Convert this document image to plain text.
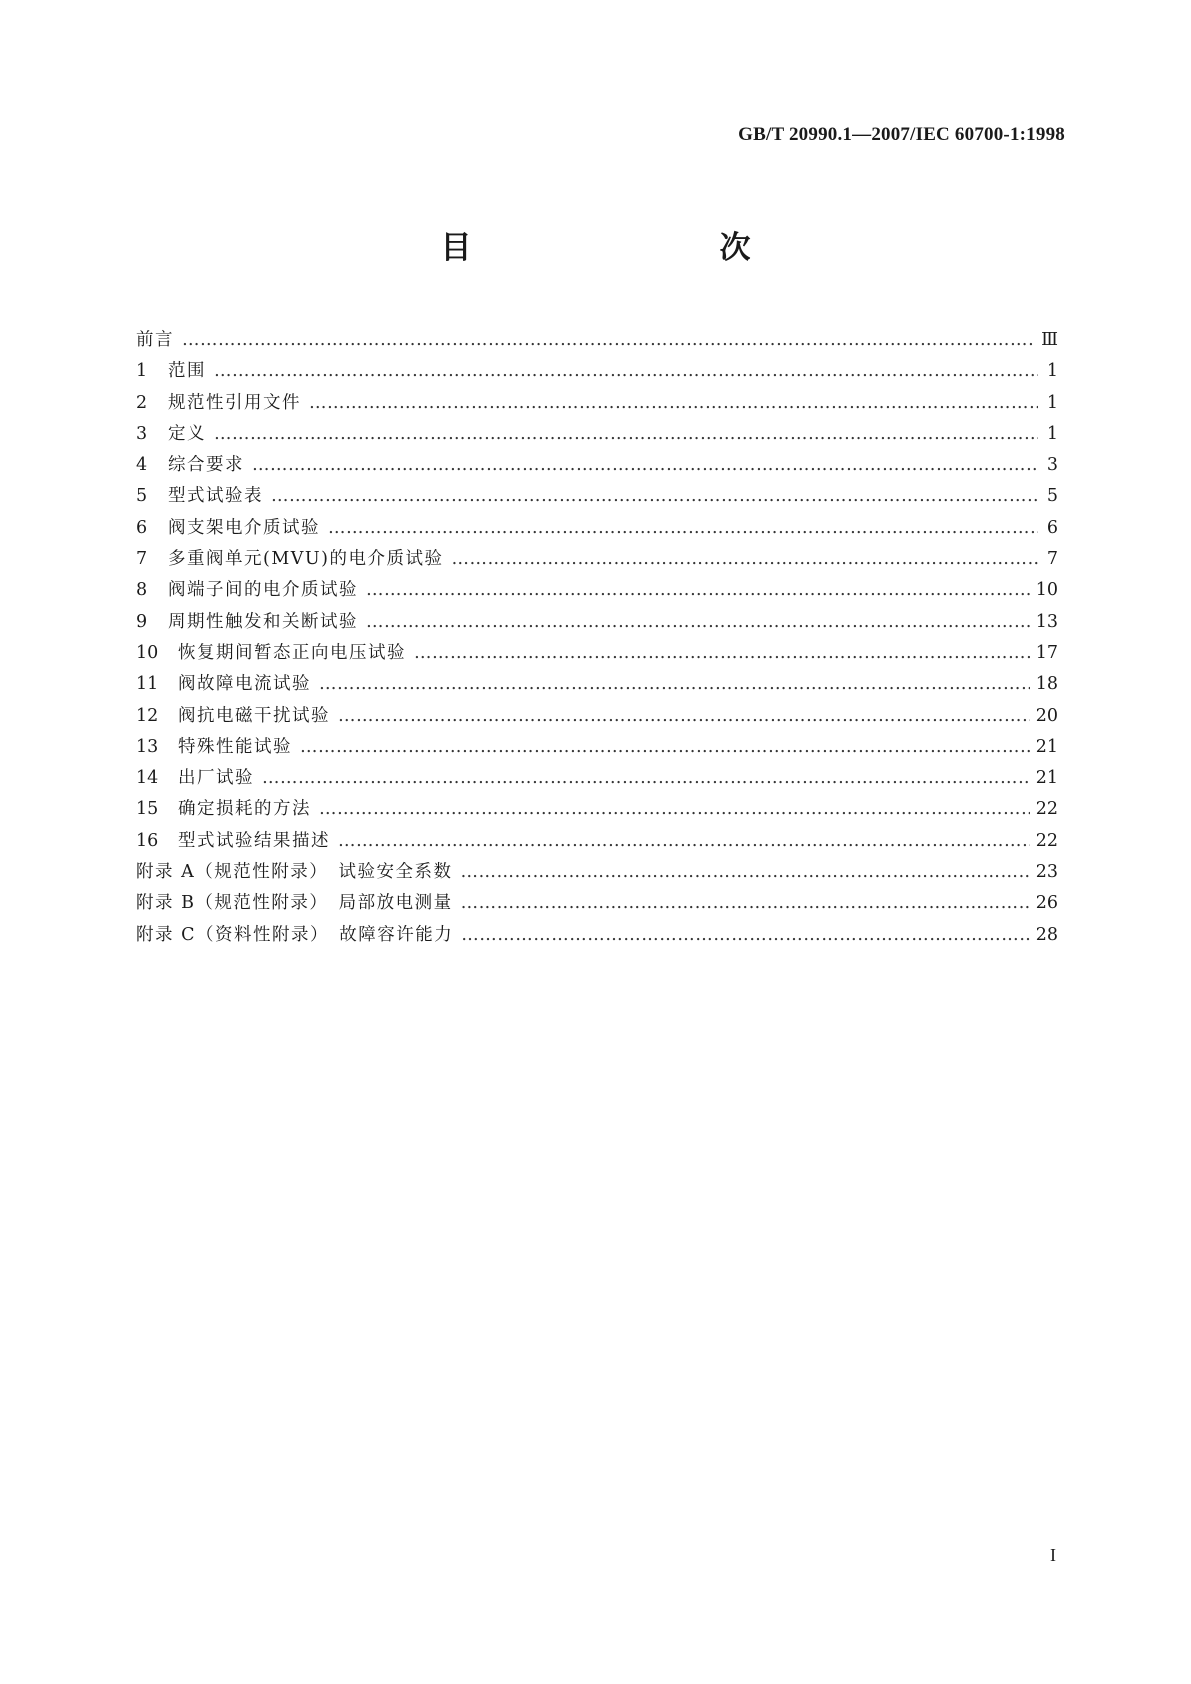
GB/T 20990.1—2007/IEC 60700-1:1998
目　　次
前言 …………………………………………………………………………………………………………………………………………………………………………………………………	Ⅲ
1	范围 …………………………………………………………………………………………………………………………………………………………………………………………………	1
2	规范性引用文件 …………………………………………………………………………………………………………………………………………………………………………………………………	1
3	定义 …………………………………………………………………………………………………………………………………………………………………………………………………	1
4	综合要求 …………………………………………………………………………………………………………………………………………………………………………………………………	3
5	型式试验表 …………………………………………………………………………………………………………………………………………………………………………………………………	5
6	阀支架电介质试验 …………………………………………………………………………………………………………………………………………………………………………………………………	6
7	多重阀单元(MVU)的电介质试验 …………………………………………………………………………………………………………………………………………………………………………………………………	7
8	阀端子间的电介质试验 …………………………………………………………………………………………………………………………………………………………………………………………………	10
9	周期性触发和关断试验 …………………………………………………………………………………………………………………………………………………………………………………………………	13
10	恢复期间暂态正向电压试验 …………………………………………………………………………………………………………………………………………………………………………………………………	17
11	阀故障电流试验 …………………………………………………………………………………………………………………………………………………………………………………………………	18
12	阀抗电磁干扰试验 …………………………………………………………………………………………………………………………………………………………………………………………………	20
13	特殊性能试验 …………………………………………………………………………………………………………………………………………………………………………………………………	21
14	出厂试验 …………………………………………………………………………………………………………………………………………………………………………………………………	21
15	确定损耗的方法 …………………………………………………………………………………………………………………………………………………………………………………………………	22
16	型式试验结果描述 …………………………………………………………………………………………………………………………………………………………………………………………………	22
附录 A（规范性附录）　试验安全系数 …………………………………………………………………………………………………………………………………………………………………………………………………	23
附录 B（规范性附录）　局部放电测量 …………………………………………………………………………………………………………………………………………………………………………………………………	26
附录 C（资料性附录）　故障容许能力 …………………………………………………………………………………………………………………………………………………………………………………………………	28
I
